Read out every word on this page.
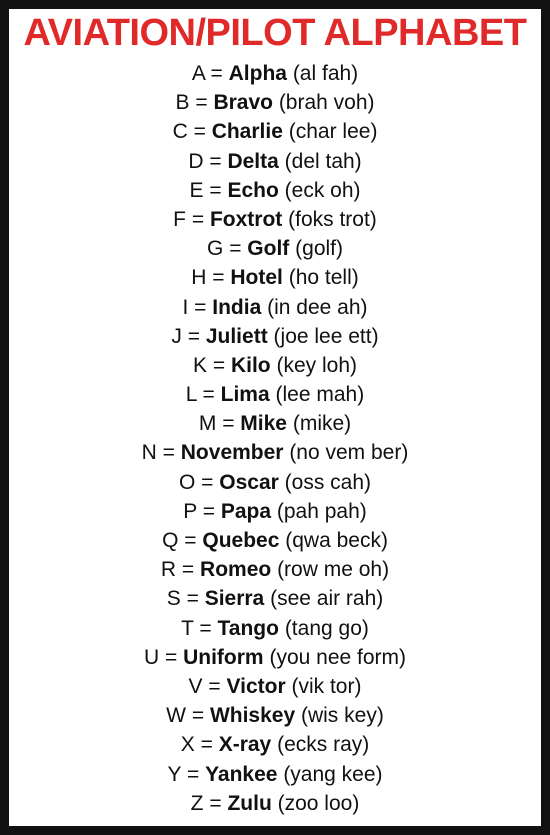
AVIATION/PILOT ALPHABET
A = Alpha (al fah)
B = Bravo (brah voh)
C = Charlie (char lee)
D = Delta (del tah)
E = Echo (eck oh)
F = Foxtrot (foks trot)
G = Golf (golf)
H = Hotel (ho tell)
I = India (in dee ah)
J = Juliett (joe lee ett)
K = Kilo (key loh)
L = Lima (lee mah)
M = Mike (mike)
N = November (no vem ber)
O = Oscar (oss cah)
P = Papa (pah pah)
Q = Quebec (qwa beck)
R = Romeo (row me oh)
S = Sierra (see air rah)
T = Tango (tang go)
U = Uniform (you nee form)
V = Victor (vik tor)
W = Whiskey (wis key)
X = X-ray (ecks ray)
Y = Yankee (yang kee)
Z = Zulu (zoo loo)
